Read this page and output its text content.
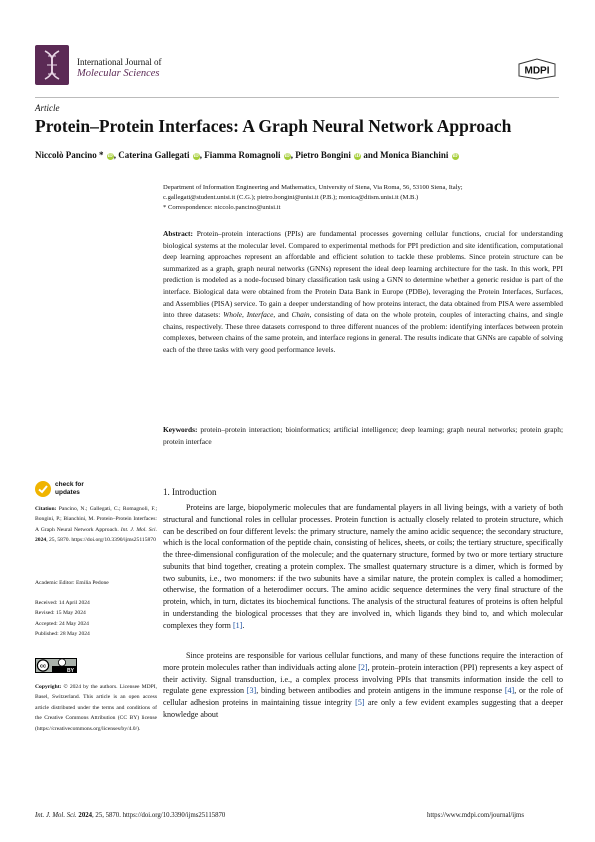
International Journal of
Molecular Sciences	MDPI
Article
Protein–Protein Interfaces: A Graph Neural Network Approach
Niccolò Pancino * iD, Caterina Gallegati iD, Fiamma Romagnoli iD, Pietro Bongini iD and Monica Bianchini iD
Department of Information Engineering and Mathematics, University of Siena, Via Roma, 56, 53100 Siena, Italy;
c.gallegati@student.unisi.it (C.G.); pietro.bongini@unisi.it (P.B.); monica@diism.unisi.it (M.B.)
* Correspondence: niccolo.pancino@unisi.it
Abstract: Protein–protein interactions (PPIs) are fundamental processes governing cellular functions, crucial for understanding biological systems at the molecular level. Compared to experimental methods for PPI prediction and site identification, computational deep learning approaches represent an affordable and efficient solution to tackle these problems. Since protein structure can be summarized as a graph, graph neural networks (GNNs) represent the ideal deep learning architecture for the task. In this work, PPI prediction is modeled as a node-focused binary classification task using a GNN to determine whether a generic residue is part of the interface. Biological data were obtained from the Protein Data Bank in Europe (PDBe), leveraging the Protein Interfaces, Surfaces, and Assemblies (PISA) service. To gain a deeper understanding of how proteins interact, the data obtained from PISA were assembled into three datasets: Whole, Interface, and Chain, consisting of data on the whole protein, couples of interacting chains, and single chains, respectively. These three datasets correspond to three different nuances of the problem: identifying interfaces between protein complexes, between chains of the same protein, and interface regions in general. The results indicate that GNNs are capable of solving each of the three tasks with very good performance levels.
Keywords: protein–protein interaction; bioinformatics; artificial intelligence; deep learning; graph neural networks; protein graph; protein interface
check for
updates
Citation: Pancino, N.; Gallegati, C.; Romagnoli, F.; Bongini, P.; Bianchini, M. Protein–Protein Interfaces: A Graph Neural Network Approach. Int. J. Mol. Sci. 2024, 25, 5870. https://doi.org/10.3390/ijms25115870
Academic Editor: Emilia Pedone
Received: 14 April 2024
Revised: 15 May 2024
Accepted: 24 May 2024
Published: 28 May 2024
cc
BY
Copyright: © 2024 by the authors. Licensee MDPI, Basel, Switzerland. This article is an open access article distributed under the terms and conditions of the Creative Commons Attribution (CC BY) license (https://creativecommons.org/licenses/by/4.0/).
1. Introduction

Proteins are large, biopolymeric molecules that are fundamental players in all living beings, with a variety of both structural and functional roles in cellular processes. Protein function is actually closely related to protein structure, which can be described on four different levels: the primary structure, namely the amino acidic sequence; the secondary structure, which is the local conformation of the peptide chain, consisting of helices, sheets, or coils; the tertiary structure, specifically the three-dimensional configuration of the molecule; and the quaternary structure, formed by two or more tertiary structure subunits that bind together, creating a protein complex. The smallest quaternary structure is a dimer, which is formed by two subunits, i.e., two monomers: if the two subunits have a similar nature, the protein complex is called a homodimer; otherwise, the formation of a heterodimer occurs. The amino acidic sequence determines the very final structure of the protein, which, in turn, dictates its biochemical functions. The analysis of the structural features of proteins is often helpful in understanding the biological processes that they are involved in, which ligands they bind to, and which molecular complexes they form [1].

Since proteins are responsible for various cellular functions, and many of these functions require the interaction of more protein molecules rather than individuals acting alone [2], protein–protein interaction (PPI) represents a key aspect of their activity. Signal transduction, i.e., a complex process involving PPIs that transmits information inside the cell to regulate gene expression [3], binding between antibodies and protein antigens in the immune response [4], or the role of cellular adhesion proteins in maintaining tissue integrity [5] are only a few evident examples suggesting that a deeper knowledge about

Int. J. Mol. Sci. 2024, 25, 5870. https://doi.org/10.3390/ijms25115870	https://www.mdpi.com/journal/ijms
